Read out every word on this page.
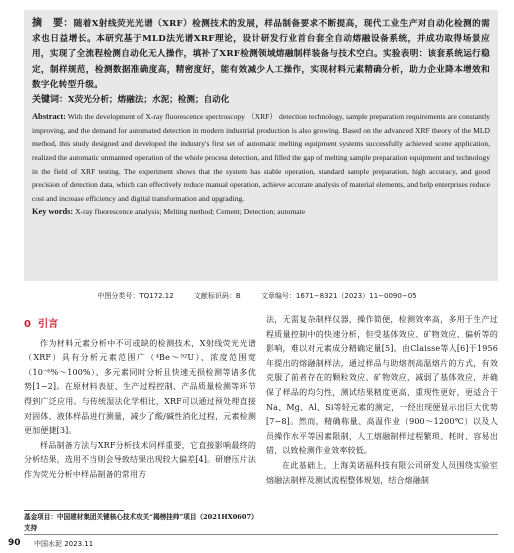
摘　要：随着X射线荧光光谱（XRF）检测技术的发展，样品制备要求不断提高，现代工业生产对自动化检测的需求也日益增长。本研究基于MLD法光谱XRF理论，设计研发行业首台套全自动熔融设备系统，并成功取得场景应用，实现了全流程检测自动化无人操作，填补了XRF检测领域熔融制样装备与技术空白。实验表明：该套系统运行稳定，制样规范，检测数据准确度高，精密度好，能有效减少人工操作，实现材料元素精确分析，助力企业降本增效和数字化转型升级。

关键词：X荧光分析；熔融法；水泥；检测；自动化

Abstract: With the development of X-ray fluorescence spectroscopy （XRF） detection technology, sample preparation requirements are constantly improving, and the demand for automated detection in modern industrial production is also growing. Based on the advanced XRF theory of the MLD method, this study designed and developed the industry's first set of automatic melting equipment systems successfully achieved scene application, realized the automatic unmanned operation of the whole process detection, and filled the gap of melting sample preparation equipment and technology in the field of XRF testing. The experiment shows that the system has stable operation, standard sample preparation, high accuracy, and good precision of detection data, which can effectively reduce manual operation, achieve accurate analysis of material elements, and help enterprises reduce cost and increase efficiency and digital transformation and upgrading.

Key words: X-ray fluorescence analysis; Melting method; Cement; Detection; automate

中图分类号：TQ172.12	文献标识码：B	文章编号：1671−8321（2023）11−0090−05
0 引言

作为材料元素分析中不可或缺的检测技术，X射线荧光光谱（XRF）具有分析元素范围广（⁴Be～⁹²U）、浓度范围宽（10⁻⁶%～100%）、多元素同时分析且快速无损检测等诸多优势[1−2]。在原材料表征、生产过程控制、产品质量检测等环节得到广泛应用。与传统湿法化学相比，XRF可以通过预处理直接对固体、液体样品进行测量，减少了酸/碱性消化过程，元素检测更加便捷[3]。

样品制备方法与XRF分析技术同样重要，它直接影响最终的分析结果，选用不当则会导致结果出现较大偏差[4]。研磨压片法作为荧光分析中样品制备的常用方

法，无需复杂制样仪器，操作简便，检测效率高，多用于生产过程质量控制中的快速分析，但受基体效应、矿物效应、偏析等的影响，难以对元素成分精确定量[5]。由Claisse等人[6]于1956年提出的熔融制样法，通过样品与助熔剂高温熔片的方式，有效克服了前者存在的颗粒效应、矿物效应，减弱了基体效应，并确保了样品的均匀性，测试结果精度更高，重现性更好，更适合于Na、Mg、Al、Si等轻元素的测定，一经出现便显示出巨大优势[7−8]。然而，精确称量、高温作业（900～1200℃）以及人员操作水平等因素限制，人工熔融制样过程繁琐、耗时、容易出错，以致检测作业效率较低。

在此基础上，上海美诺福科技有限公司研发人员围绕实验室熔融法制样及测试流程整体规划，结合熔融制

基金项目：中国建材集团关键核心技术攻关“揭榜挂帅”项目（2021HX0607）支持

90 中国水泥 2023.11
